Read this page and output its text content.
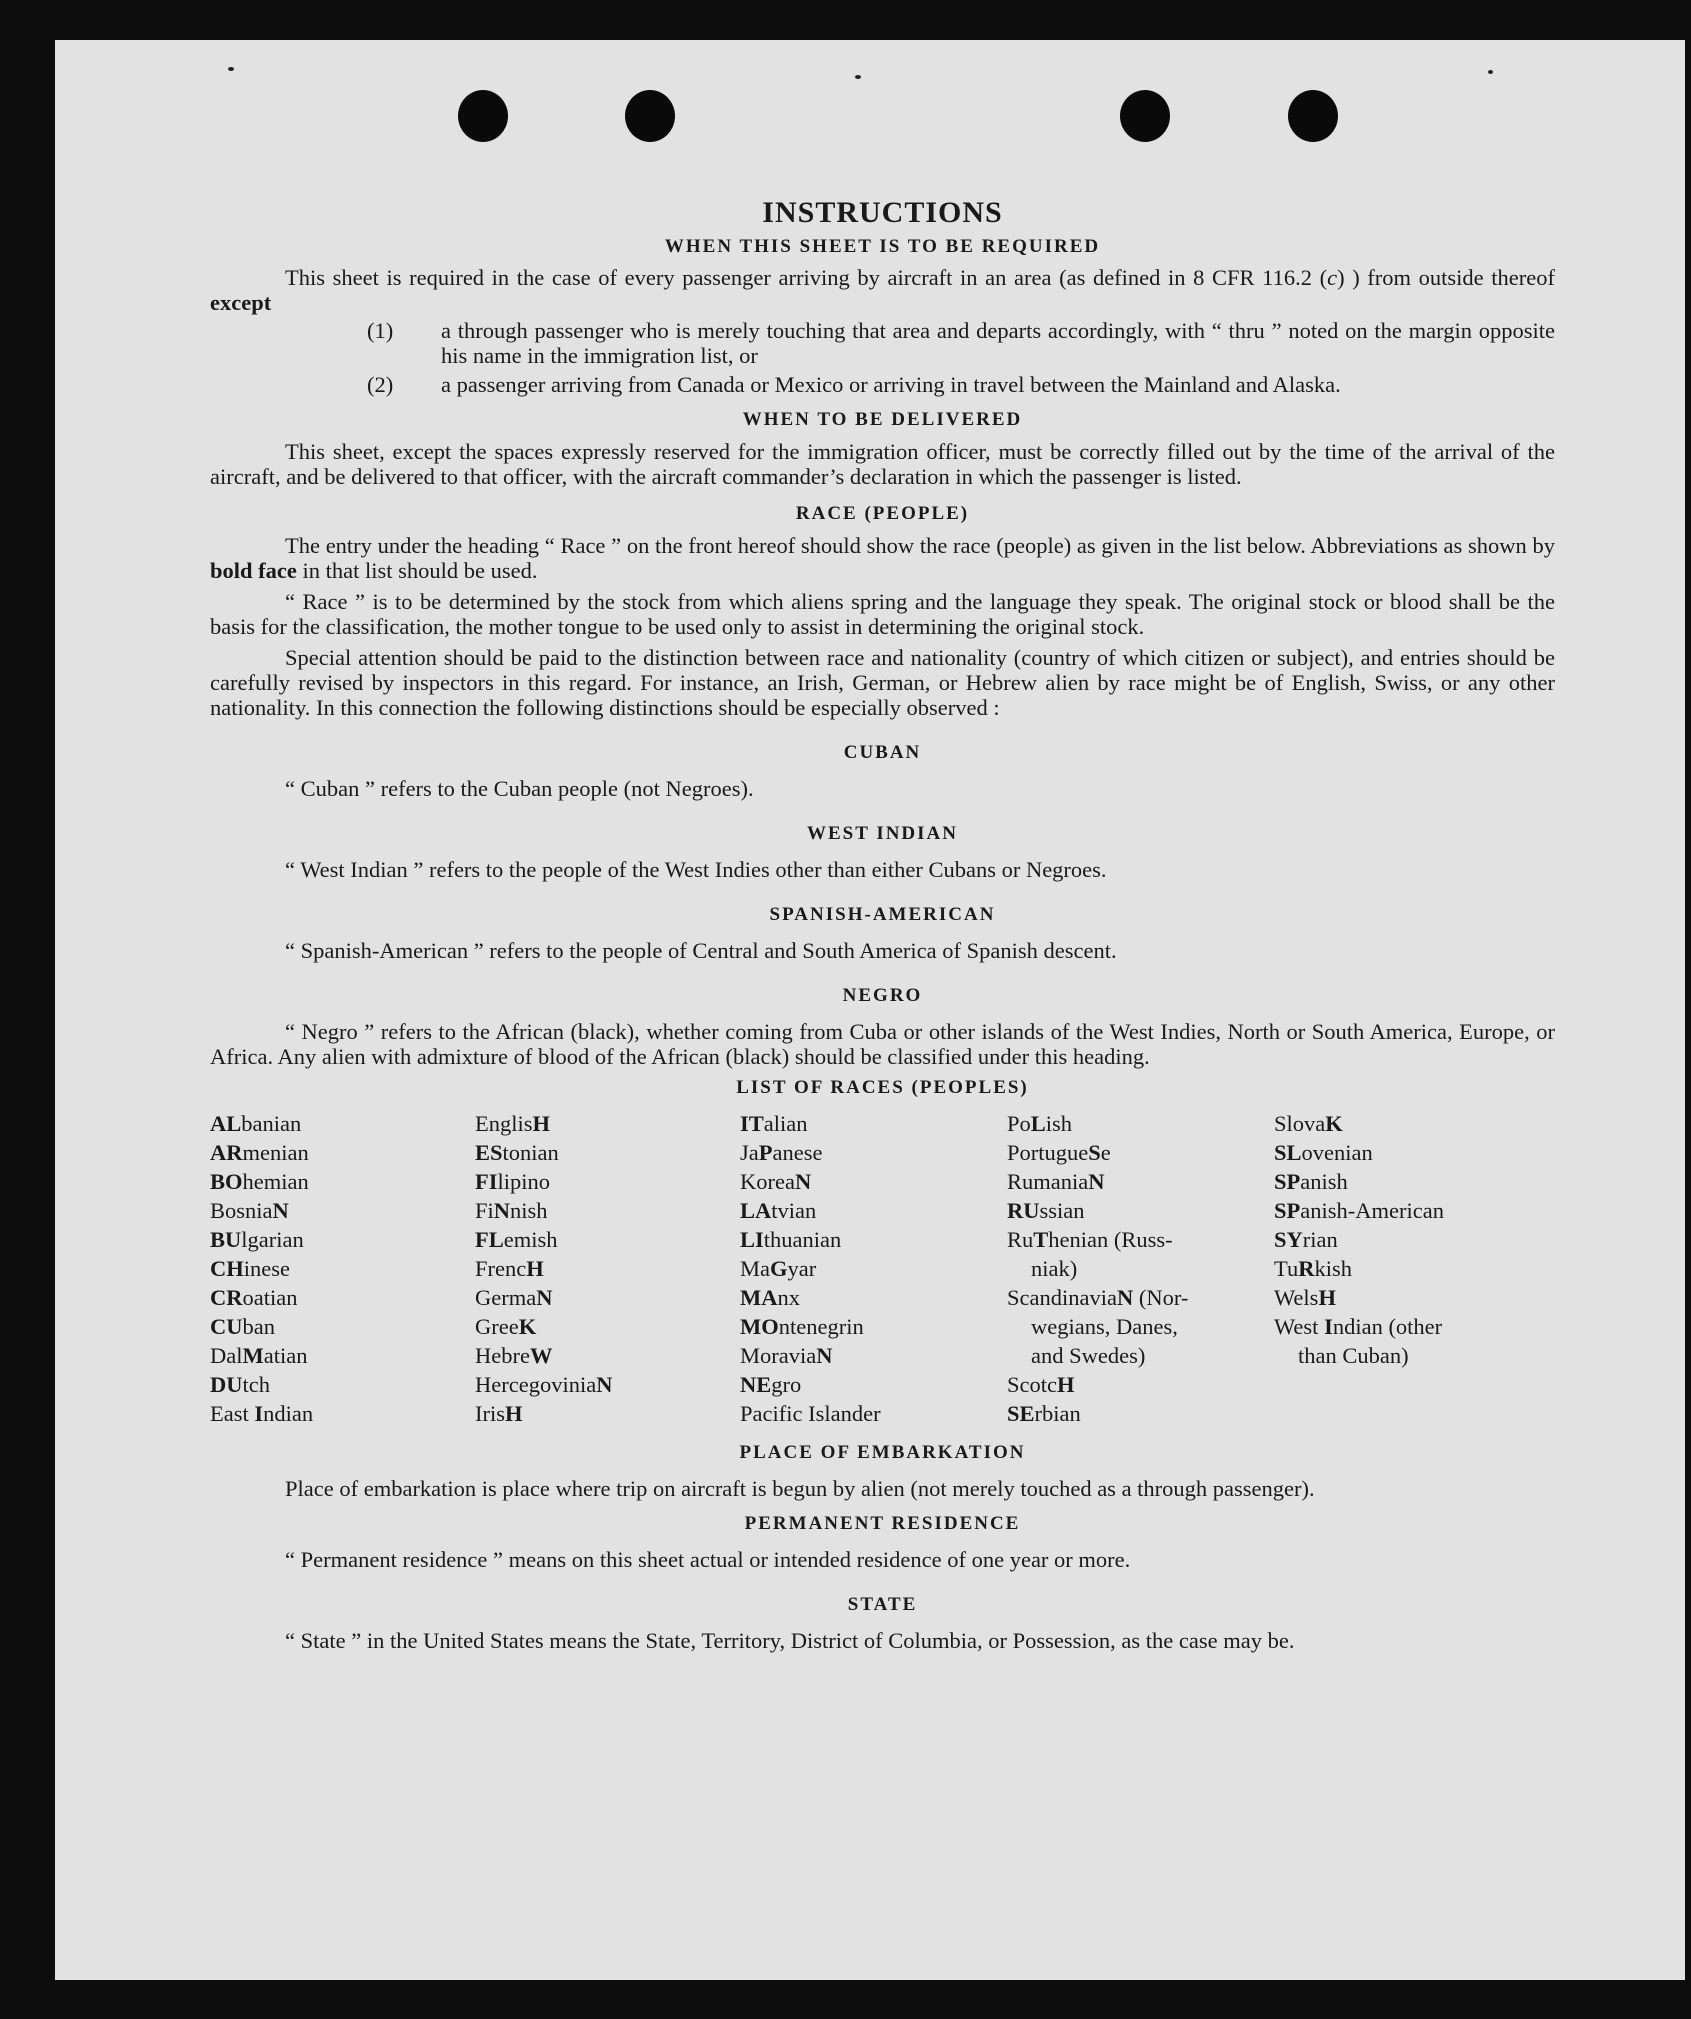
INSTRUCTIONS
WHEN THIS SHEET IS TO BE REQUIRED

This sheet is required in the case of every passenger arriving by aircraft in an area (as defined in 8 CFR 116.2 (c) ) from outside thereof except

(1) a through passenger who is merely touching that area and departs accordingly, with “ thru ” noted on the margin opposite his name in the immigration list, or
(2) a passenger arriving from Canada or Mexico or arriving in travel between the Mainland and Alaska.
WHEN TO BE DELIVERED

This sheet, except the spaces expressly reserved for the immigration officer, must be correctly filled out by the time of the arrival of the aircraft, and be delivered to that officer, with the aircraft commander’s declaration in which the passenger is listed.

RACE (PEOPLE)

The entry under the heading “ Race ” on the front hereof should show the race (people) as given in the list below. Abbreviations as shown by bold face in that list should be used.

“ Race ” is to be determined by the stock from which aliens spring and the language they speak. The original stock or blood shall be the basis for the classification, the mother tongue to be used only to assist in determining the original stock.

Special attention should be paid to the distinction between race and nationality (country of which citizen or subject), and entries should be carefully revised by inspectors in this regard. For instance, an Irish, German, or Hebrew alien by race might be of English, Swiss, or any other nationality. In this connection the following distinctions should be especially observed :

CUBAN
“ Cuban ” refers to the Cuban people (not Negroes).
WEST INDIAN
“ West Indian ” refers to the people of the West Indies other than either Cubans or Negroes.
SPANISH-AMERICAN
“ Spanish-American ” refers to the people of Central and South America of Spanish descent.
NEGRO

“ Negro ” refers to the African (black), whether coming from Cuba or other islands of the West Indies, North or South America, Europe, or Africa. Any alien with admixture of blood of the African (black) should be classified under this heading.

LIST OF RACES (PEOPLES)
ALbanian
ARmenian
BOhemian
BosniaN
BUlgarian
CHinese
CRoatian
CUban
DalMatian
DUtch
East Indian
EnglisH
EStonian
FIlipino
FiNnish
FLemish
FrencH
GermaN
GreeK
HebreW
HercegoviniaN
IrisH
ITalian
JaPanese
KoreaN
LAtvian
LIthuanian
MaGyar
MAnx
MOntenegrin
MoraviaN
NEgro
Pacific Islander
PoLish
PortugueSe
RumaniaN
RUssian
RuThenian (Russ-
niak)
ScandinaviaN (Nor-
wegians, Danes,
and Swedes)
ScotcH
SErbian
SlovaK
SLovenian
SPanish
SPanish-American
SYrian
TuRkish
WelsH
West Indian (other
than Cuban)
PLACE OF EMBARKATION

Place of embarkation is place where trip on aircraft is begun by alien (not merely touched as a through passenger).

PERMANENT RESIDENCE
“ Permanent residence ” means on this sheet actual or intended residence of one year or more.
STATE

“ State ” in the United States means the State, Territory, District of Columbia, or Possession, as the case may be.
